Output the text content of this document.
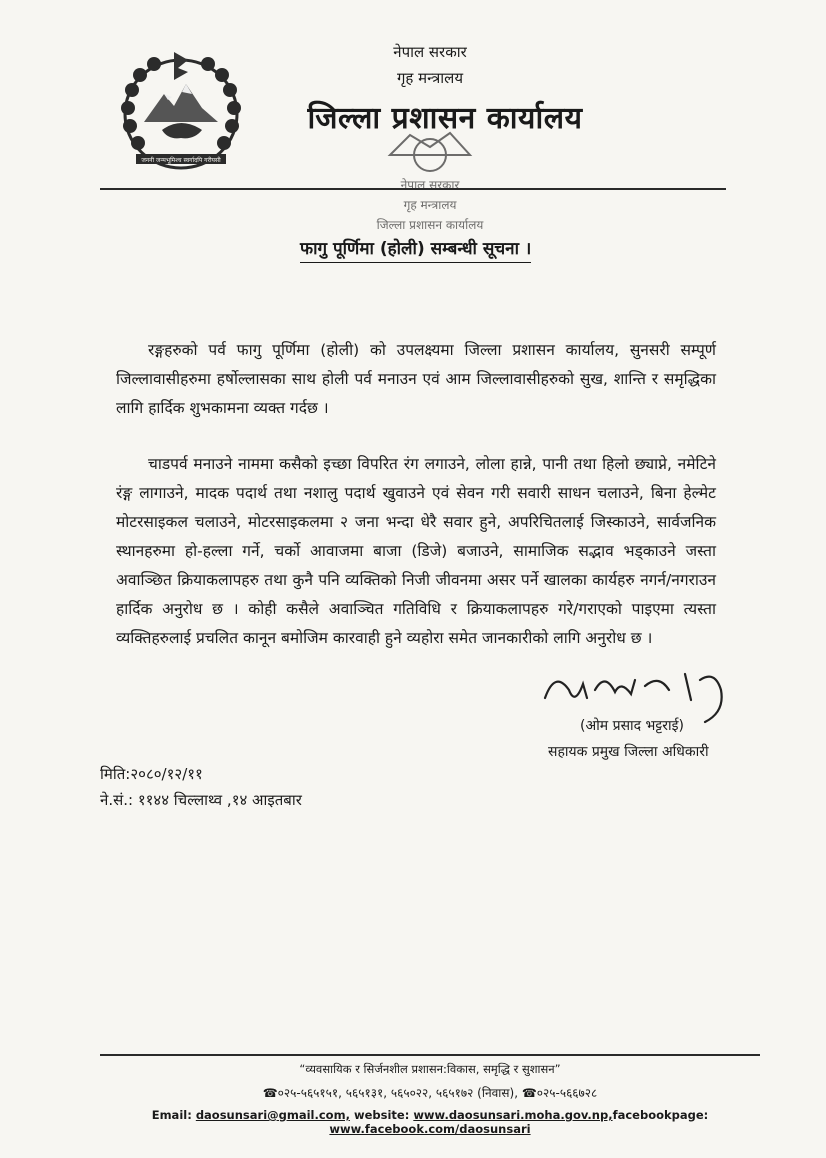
जननी जन्मभूमिश्च स्वर्गादपि गरीयसी
नेपाल सरकार
गृह मन्त्रालय
जिल्ला प्रशासन कार्यालय
नेपाल सरकार
गृह मन्त्रालय
जिल्ला प्रशासन कार्यालय
फागु पूर्णिमा (होली) सम्बन्धी सूचना ।

रङ्गहरुको पर्व फागु पूर्णिमा (होली) को उपलक्ष्यमा जिल्ला प्रशासन कार्यालय, सुनसरी सम्पूर्ण जिल्लावासीहरुमा हर्षोल्लासका साथ होली पर्व मनाउन एवं आम जिल्लावासीहरुको सुख, शान्ति र समृद्धिका लागि हार्दिक शुभकामना व्यक्त गर्दछ ।

चाडपर्व मनाउने नाममा कसैको इच्छा विपरित रंग लगाउने, लोला हान्ने, पानी तथा हिलो छ्याप्ने, नमेटिने रंङ्ग लागाउने, मादक पदार्थ तथा नशालु पदार्थ खुवाउने एवं सेवन गरी सवारी साधन चलाउने, बिना हेल्मेट मोटरसाइकल चलाउने, मोटरसाइकलमा २ जना भन्दा धेरै सवार हुने, अपरिचितलाई जिस्काउने, सार्वजनिक स्थानहरुमा हो-हल्ला गर्ने, चर्को आवाजमा बाजा (डिजे) बजाउने, सामाजिक सद्भाव भड्काउने जस्ता अवाञ्छित क्रियाकलापहरु तथा कुनै पनि व्यक्तिको निजी जीवनमा असर पर्ने खालका कार्यहरु नगर्न/नगराउन हार्दिक अनुरोध छ । कोही कसैले अवाञ्चित गतिविधि र क्रियाकलापहरु गरे/गराएको पाइएमा त्यस्ता व्यक्तिहरुलाई प्रचलित कानून बमोजिम कारवाही हुने व्यहोरा समेत जानकारीको लागि अनुरोध छ ।

(ओम प्रसाद भट्टराई)
सहायक प्रमुख जिल्ला अधिकारी
मिति:२०८०/१२/११
ने.सं.: ११४४ चिल्लाथ्व ,१४ आइतबार
“व्यवसायिक र सिर्जनशील प्रशासन:विकास, समृद्धि र सुशासन”
☎०२५-५६५१५१, ५६५१३१, ५६५०२२, ५६५१७२ (निवास), ☎०२५-५६६७२८
Email: daosunsari@gmail.com, website: www.daosunsari.moha.gov.np,facebookpage: www.facebook.com/daosunsari
